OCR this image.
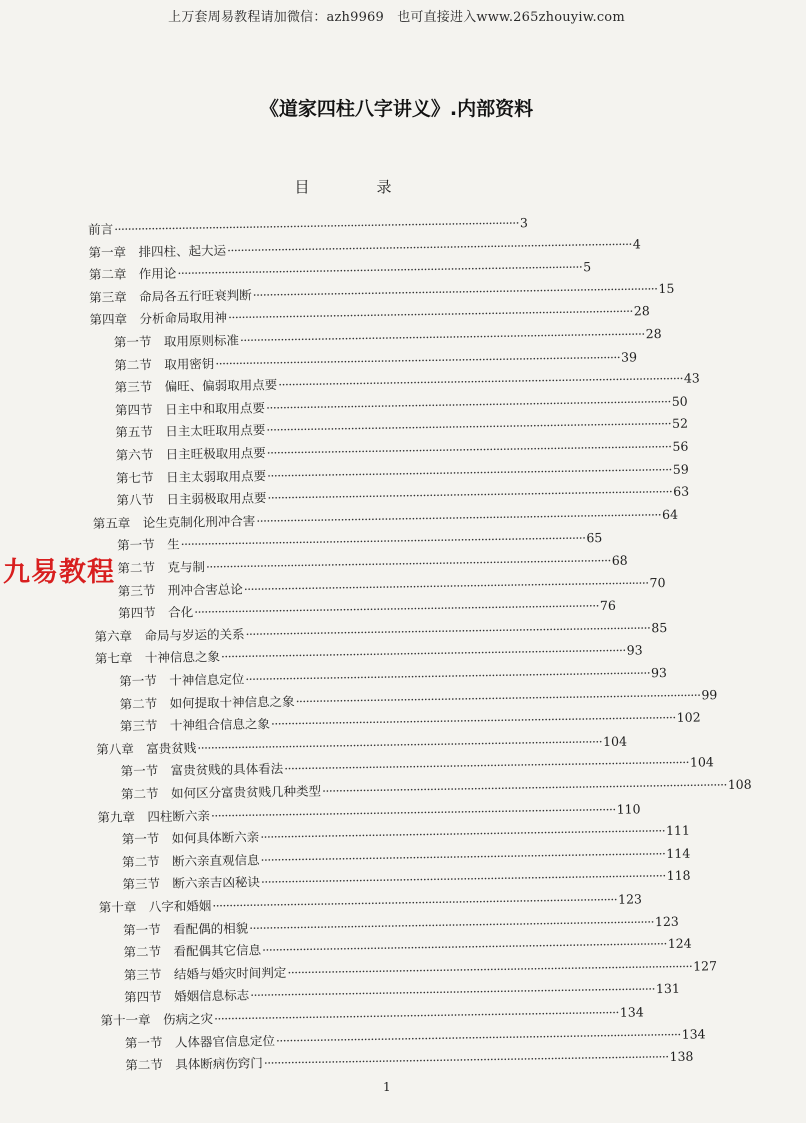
上万套周易教程请加微信：azh9969　也可直接进入www.265zhouyiw.com
《道家四柱八字讲义》.内部资料
目　录
前言 ························································································································ 3
第一章　排四柱、起大运 ························································································································ 4
第二章　作用论 ························································································································ 5
第三章　命局各五行旺衰判断 ························································································································ 15
第四章　分析命局取用神 ························································································································ 28
第一节　取用原则标准 ························································································································ 28
第二节　取用密钥 ························································································································ 39
第三节　偏旺、偏弱取用点要 ························································································································ 43
第四节　日主中和取用点要 ························································································································ 50
第五节　日主太旺取用点要 ························································································································ 52
第六节　日主旺极取用点要 ························································································································ 56
第七节　日主太弱取用点要 ························································································································ 59
第八节　日主弱极取用点要 ························································································································ 63
第五章　论生克制化刑冲合害 ························································································································ 64
第一节　生 ························································································································ 65
第二节　克与制 ························································································································ 68
第三节　刑冲合害总论 ························································································································ 70
第四节　合化 ························································································································ 76
第六章　命局与岁运的关系 ························································································································ 85
第七章　十神信息之象 ························································································································ 93
第一节　十神信息定位 ························································································································ 93
第二节　如何提取十神信息之象 ························································································································ 99
第三节　十神组合信息之象 ························································································································ 102
第八章　富贵贫贱 ························································································································ 104
第一节　富贵贫贱的具体看法 ························································································································ 104
第二节　如何区分富贵贫贱几种类型 ························································································································ 108
第九章　四柱断六亲 ························································································································ 110
第一节　如何具体断六亲 ························································································································ 111
第二节　断六亲直观信息 ························································································································ 114
第三节　断六亲吉凶秘诀 ························································································································ 118
第十章　八字和婚姻 ························································································································ 123
第一节　看配偶的相貌 ························································································································ 123
第二节　看配偶其它信息 ························································································································ 124
第三节　结婚与婚灾时间判定 ························································································································ 127
第四节　婚姻信息标志 ························································································································ 131
第十一章　伤病之灾 ························································································································ 134
第一节　人体器官信息定位 ························································································································ 134
第二节　具体断病伤窍门 ························································································································ 138
九易教程
1
